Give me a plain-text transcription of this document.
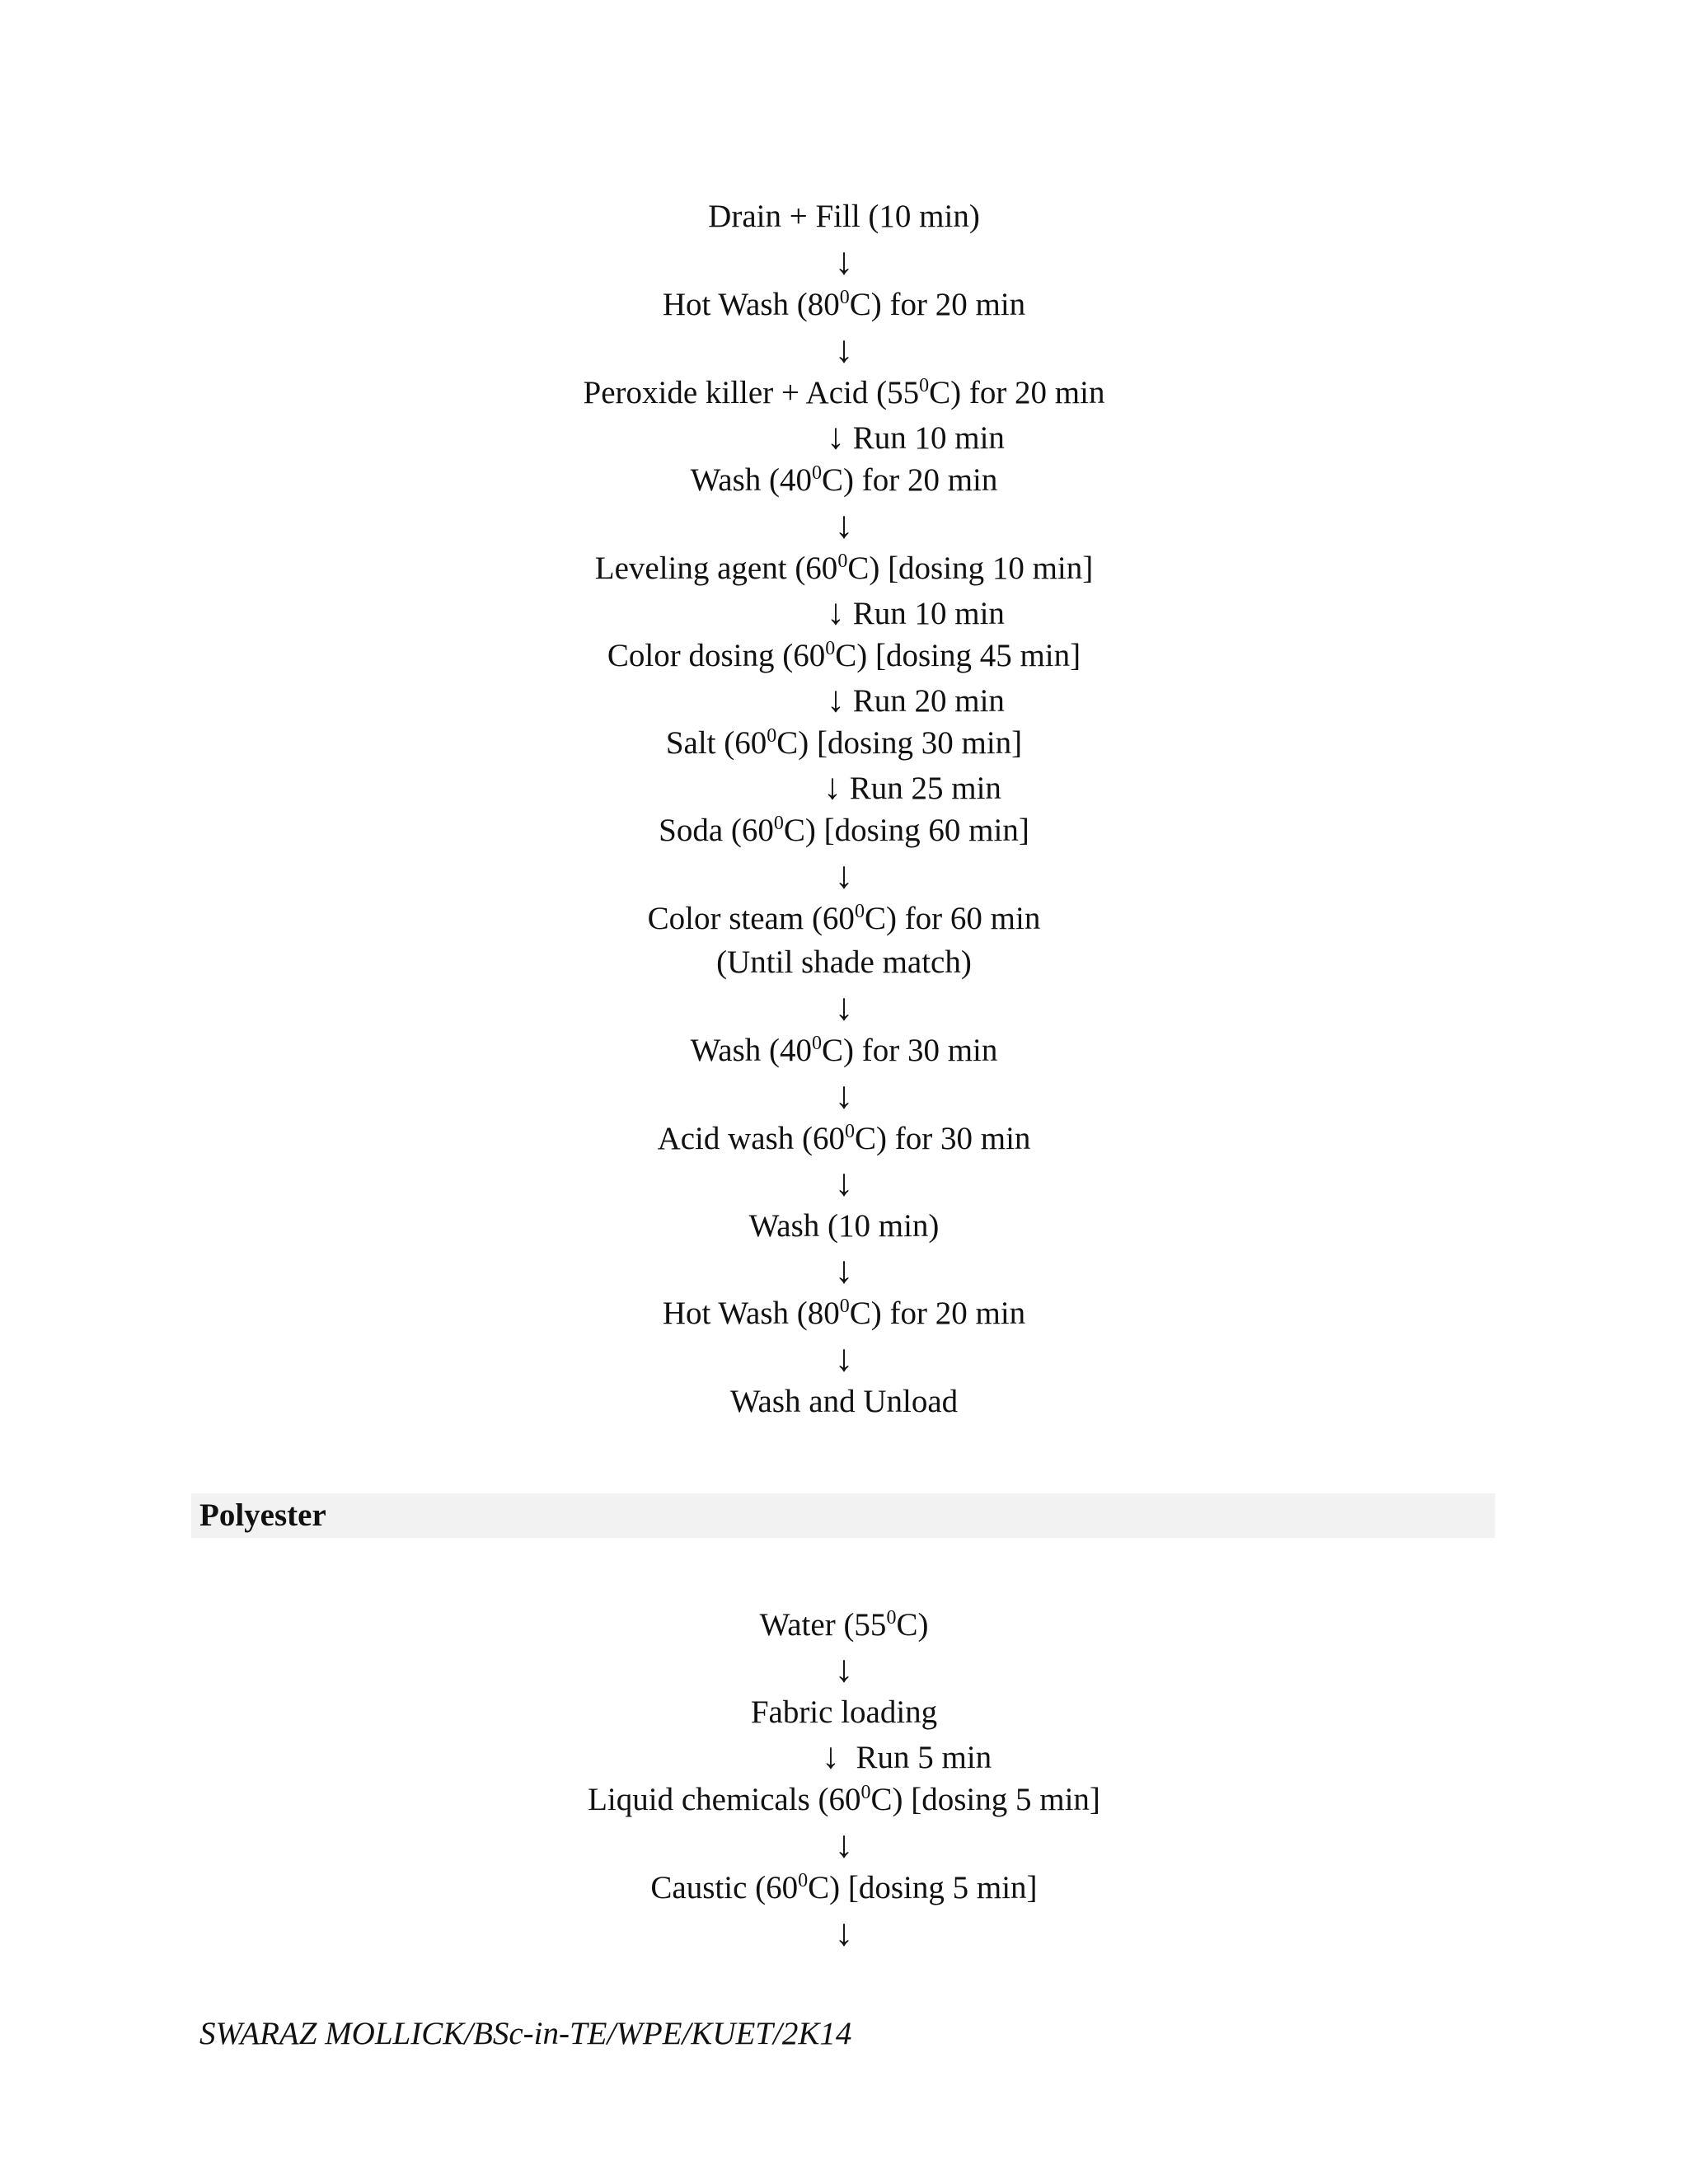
Drain + Fill (10 min)
↓
Hot Wash $(80^0C)$ for 20 min
↓
Peroxide killer + Acid $(55^0C)$ for 20 min
↓ Run 10 min
Wash $(40^0C)$ for 20 min
↓
Leveling agent $(60^0C)$ [dosing 10 min]
↓ Run 10 min
Color dosing $(60^0C)$ [dosing 45 min]
↓ Run 20 min
Salt $(60^0C)$ [dosing 30 min]
↓ Run 25 min
Soda $(60^0C)$ [dosing 60 min]
↓
Color steam $(60^0C)$ for 60 min
(Until shade match)
↓
Wash $(40^0C)$ for 30 min
↓
Acid wash $(60^0C)$ for 30 min
↓
Wash (10 min)
↓
Hot Wash $(80^0C)$ for 20 min
↓
Wash and Unload
Polyester
Water $(55^0C)$
↓
Fabric loading
↓  Run 5 min
Liquid chemicals $(60^0C)$ [dosing 5 min]
↓
Caustic $(60^0C)$ [dosing 5 min]
↓
SWARAZ MOLLICK/BSc-in-TE/WPE/KUET/2K14
